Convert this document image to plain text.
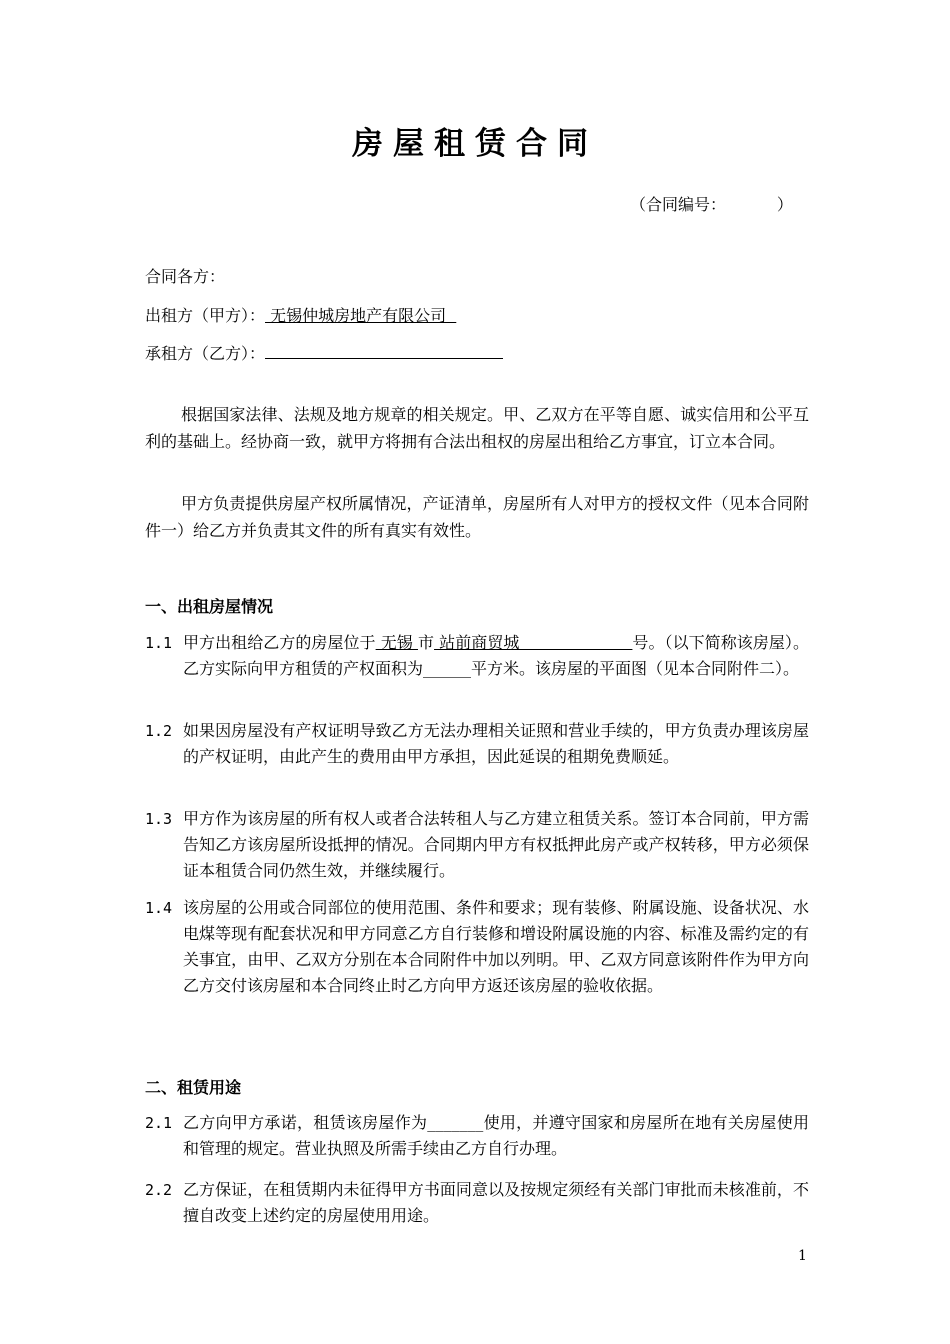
房屋租赁合同
（合同编号：          ）
合同各方：
出租方（甲方）： 无锡仲城房地产有限公司
承租方（乙方）：
根据国家法律、法规及地方规章的相关规定。甲、乙双方在平等自愿、诚实信用和公平互利的基础上。经协商一致，就甲方将拥有合法出租权的房屋出租给乙方事宜，订立本合同。
甲方负责提供房屋产权所属情况，产证清单，房屋所有人对甲方的授权文件（见本合同附件一）给乙方并负责其文件的所有真实有效性。
一、出租房屋情况
1.1 甲方出租给乙方的房屋位于 无锡 市 站前商贸城                      号。（以下简称该房屋）。乙方实际向甲方租赁的产权面积为______平方米。该房屋的平面图（见本合同附件二）。
1.2 如果因房屋没有产权证明导致乙方无法办理相关证照和营业手续的，甲方负责办理该房屋的产权证明，由此产生的费用由甲方承担，因此延误的租期免费顺延。
1.3 甲方作为该房屋的所有权人或者合法转租人与乙方建立租赁关系。签订本合同前，甲方需告知乙方该房屋所设抵押的情况。合同期内甲方有权抵押此房产或产权转移，甲方必须保证本租赁合同仍然生效，并继续履行。
1.4 该房屋的公用或合同部位的使用范围、条件和要求；现有装修、附属设施、设备状况、水电煤等现有配套状况和甲方同意乙方自行装修和增设附属设施的内容、标准及需约定的有关事宜，由甲、乙双方分别在本合同附件中加以列明。甲、乙双方同意该附件作为甲方向乙方交付该房屋和本合同终止时乙方向甲方返还该房屋的验收依据。
二、租赁用途
2.1 乙方向甲方承诺，租赁该房屋作为_______使用，并遵守国家和房屋所在地有关房屋使用和管理的规定。营业执照及所需手续由乙方自行办理。
2.2 乙方保证，在租赁期内未征得甲方书面同意以及按规定须经有关部门审批而未核准前，不擅自改变上述约定的房屋使用用途。
1
